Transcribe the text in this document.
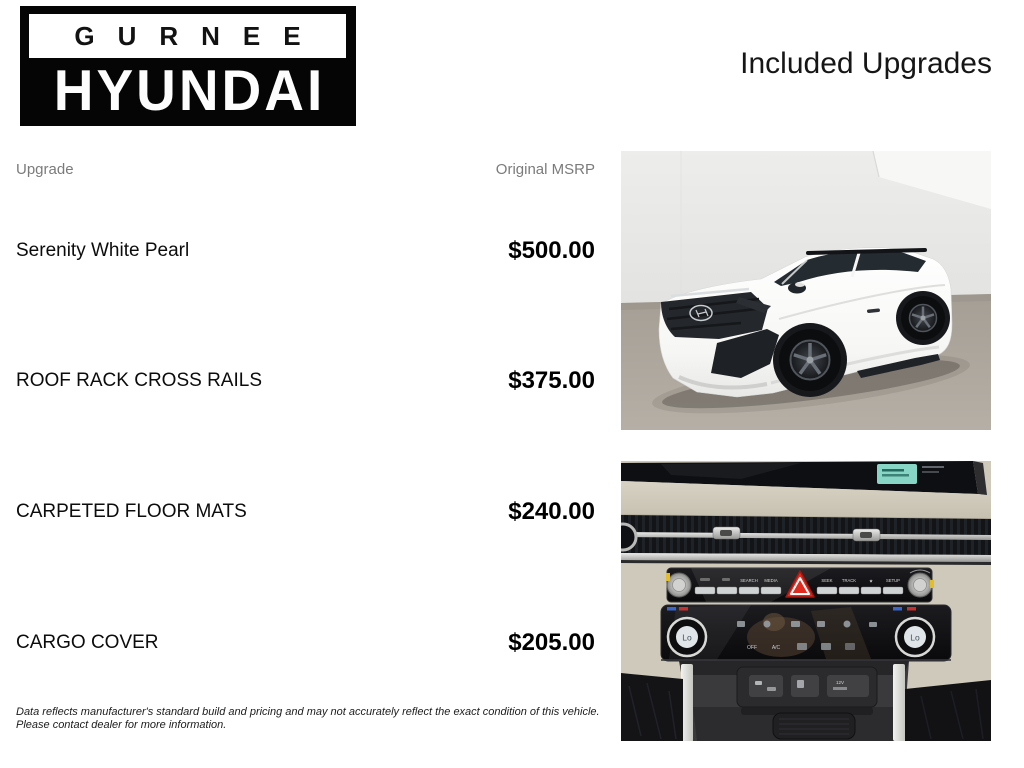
GURNEE
HYUNDAI	Included Upgrades
Upgrade	Original MSRP
Serenity White Pearl	$500.00
ROOF RACK CROSS RAILS	$375.00
CARPETED FLOOR MATS	$240.00
CARGO COVER	$205.00
Data reflects manufacturer's standard build and pricing and may not accurately reflect the exact condition of this vehicle.
Please contact dealer for more information.
SEARCH MEDIA	SEEK TRACK	★	SETUP
Lo	Lo
OFF	A/C
12V
